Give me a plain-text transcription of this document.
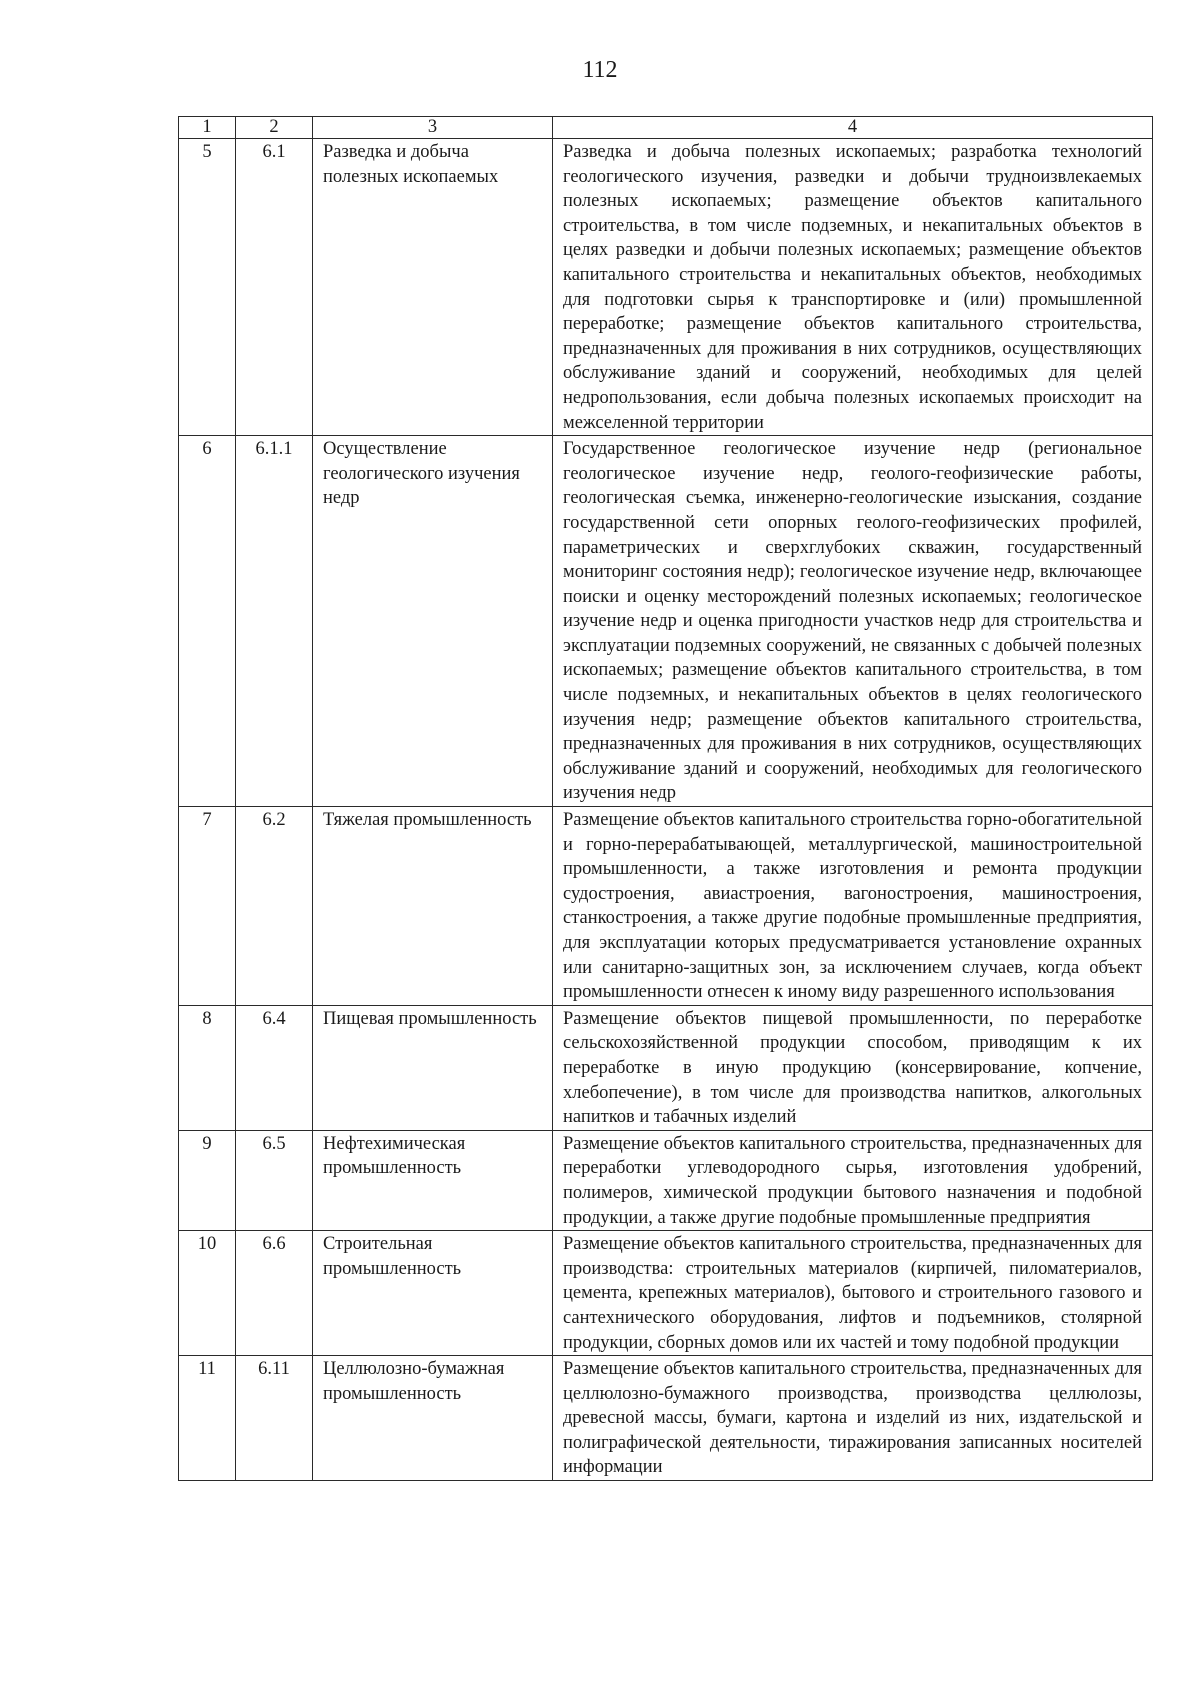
112
1	2	3	4
5	6.1	Разведка и добыча полезных ископаемых	Разведка и добыча полезных ископаемых; разработка технологий геологического изучения, разведки и добычи трудноизвлекаемых полезных ископаемых; размещение объектов капитального строительства, в том числе подземных, и некапитальных объектов в целях разведки и добычи полезных ископаемых; размещение объектов капитального строительства и некапитальных объектов, необходимых для подготовки сырья к транспортировке и (или) промышленной переработке; размещение объектов капитального строительства, предназначенных для проживания в них сотрудников, осуществляющих обслуживание зданий и сооружений, необходимых для целей недропользования, если добыча полезных ископаемых происходит на межселенной территории
6	6.1.1	Осуществление геологического изучения недр	Государственное геологическое изучение недр (региональное геологическое изучение недр, геолого-геофизические работы, геологическая съемка, инженерно-геологические изыскания, создание государственной сети опорных геолого-геофизических профилей, параметрических и сверхглубоких скважин, государственный мониторинг состояния недр); геологическое изучение недр, включающее поиски и оценку месторождений полезных ископаемых; геологическое изучение недр и оценка пригодности участков недр для строительства и эксплуатации подземных сооружений, не связанных с добычей полезных ископаемых; размещение объектов капитального строительства, в том числе подземных, и некапитальных объектов в целях геологического изучения недр; размещение объектов капитального строительства, предназначенных для проживания в них сотрудников, осуществляющих обслуживание зданий и сооружений, необходимых для геологического изучения недр
7	6.2	Тяжелая промышленность	Размещение объектов капитального строительства горно-обогатительной и горно-перерабатывающей, металлургической, машиностроительной промышленности, а также изготовления и ремонта продукции судостроения, авиастроения, вагоностроения, машиностроения, станкостроения, а также другие подобные промышленные предприятия, для эксплуатации которых предусматривается установление охранных или санитарно-защитных зон, за исключением случаев, когда объект промышленности отнесен к иному виду разрешенного использования
8	6.4	Пищевая промышленность	Размещение объектов пищевой промышленности, по переработке сельскохозяйственной продукции способом, приводящим к их переработке в иную продукцию (консервирование, копчение, хлебопечение), в том числе для производства напитков, алкогольных напитков и табачных изделий
9	6.5	Нефтехимическая промышленность	Размещение объектов капитального строительства, предназначенных для переработки углеводородного сырья, изготовления удобрений, полимеров, химической продукции бытового назначения и подобной продукции, а также другие подобные промышленные предприятия
10	6.6	Строительная промышленность	Размещение объектов капитального строительства, предназначенных для производства: строительных материалов (кирпичей, пиломатериалов, цемента, крепежных материалов), бытового и строительного газового и сантехнического оборудования, лифтов и подъемников, столярной продукции, сборных домов или их частей и тому подобной продукции
11	6.11	Целлюлозно-бумажная промышленность	Размещение объектов капитального строительства, предназначенных для целлюлозно-бумажного производства, производства целлюлозы, древесной массы, бумаги, картона и изделий из них, издательской и полиграфической деятельности, тиражирования записанных носителей информации
